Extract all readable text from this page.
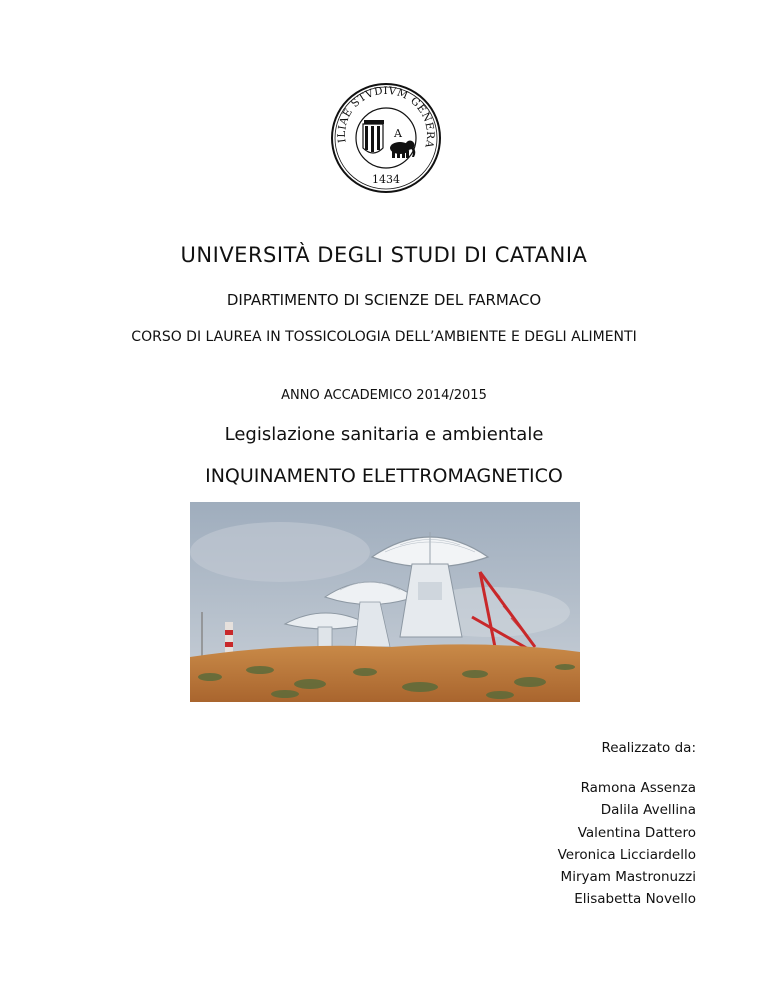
ILIAE STVDIVM GENERA
1434
A
UNIVERSITÀ DEGLI STUDI DI CATANIA
DIPARTIMENTO DI SCIENZE DEL FARMACO
CORSO DI LAUREA IN TOSSICOLOGIA DELL’AMBIENTE E DEGLI ALIMENTI
ANNO ACCADEMICO 2014/2015
Legislazione sanitaria e ambientale
INQUINAMENTO ELETTROMAGNETICO
Realizzato da:
Ramona Assenza
Dalila Avellina
Valentina Dattero
Veronica Licciardello
Miryam Mastronuzzi
Elisabetta Novello
